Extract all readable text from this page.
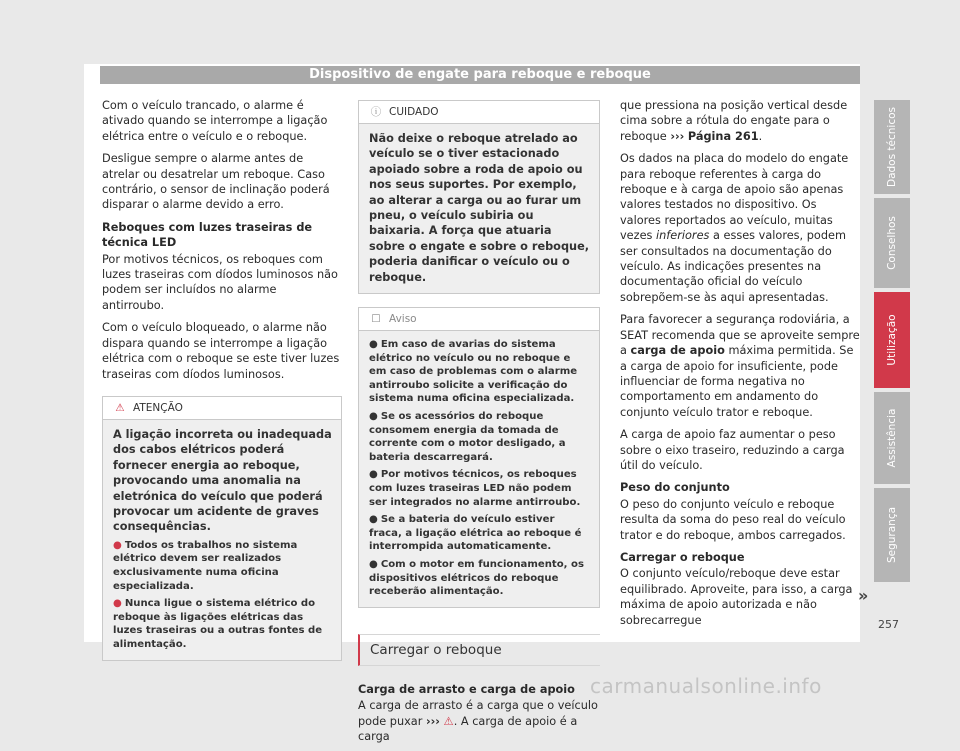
Dispositivo de engate para reboque e reboque

Com o veículo trancado, o alarme é ativado quando se interrompe a ligação elétrica entre o veículo e o reboque.

Desligue sempre o alarme antes de atrelar ou desatrelar um reboque. Caso contrário, o sensor de inclinação poderá disparar o alarme devido a erro.

Reboques com luzes traseiras de técnica LED

Por motivos técnicos, os reboques com luzes traseiras com díodos luminosos não podem ser incluídos no alarme antirroubo.

Com o veículo bloqueado, o alarme não dispara quando se interrompe a ligação elétrica com o reboque se este tiver luzes traseiras com díodos luminosos.

⚠ ATENÇÃO

A ligação incorreta ou inadequada dos cabos elétricos poderá fornecer energia ao reboque, provocando uma anomalia na eletrónica do veículo que poderá provocar um acidente de graves consequências.

● Todos os trabalhos no sistema elétrico devem ser realizados exclusivamente numa oficina especializada.
● Nunca ligue o sistema elétrico do reboque às ligações elétricas das luzes traseiras ou a outras fontes de alimentação.
ⓘ CUIDADO

Não deixe o reboque atrelado ao veículo se o tiver estacionado apoiado sobre a roda de apoio ou nos seus suportes. Por exemplo, ao alterar a carga ou ao furar um pneu, o veículo subiria ou baixaria. A força que atuaria sobre o engate e sobre o reboque, poderia danificar o veículo ou o reboque.

☐ Aviso
● Em caso de avarias do sistema elétrico no veículo ou no reboque e em caso de problemas com o alarme antirroubo solicite a verificação do sistema numa oficina especializada.
● Se os acessórios do reboque consomem energia da tomada de corrente com o motor desligado, a bateria descarregará.
● Por motivos técnicos, os reboques com luzes traseiras LED não podem ser integrados no alarme antirroubo.
● Se a bateria do veículo estiver fraca, a ligação elétrica ao reboque é interrompida automaticamente.
● Com o motor em funcionamento, os dispositivos elétricos do reboque receberão alimentação.
Carregar o reboque

Carga de arrasto e carga de apoio

A carga de arrasto é a carga que o veículo pode puxar ››› ⚠. A carga de apoio é a carga

que pressiona na posição vertical desde cima sobre a rótula do engate para o reboque ››› Página 261.

Os dados na placa do modelo do engate para reboque referentes à carga do reboque e à carga de apoio são apenas valores testados no dispositivo. Os valores reportados ao veículo, muitas vezes inferiores a esses valores, podem ser consultados na documentação do veículo. As indicações presentes na documentação oficial do veículo sobrepõem-se às aqui apresentadas.

Para favorecer a segurança rodoviária, a SEAT recomenda que se aproveite sempre a carga de apoio máxima permitida. Se a carga de apoio for insuficiente, pode influenciar de forma negativa no comportamento em andamento do conjunto veículo trator e reboque.

A carga de apoio faz aumentar o peso sobre o eixo traseiro, reduzindo a carga útil do veículo.

Peso do conjunto

O peso do conjunto veículo e reboque resulta da soma do peso real do veículo trator e do reboque, ambos carregados.

Carregar o reboque

O conjunto veículo/reboque deve estar equilibrado. Aproveite, para isso, a carga máxima de apoio autorizada e não sobrecarregue

Dados técnicos
Conselhos
Utilização
Assistência
Segurança
»
257
carmanualsonline.info
